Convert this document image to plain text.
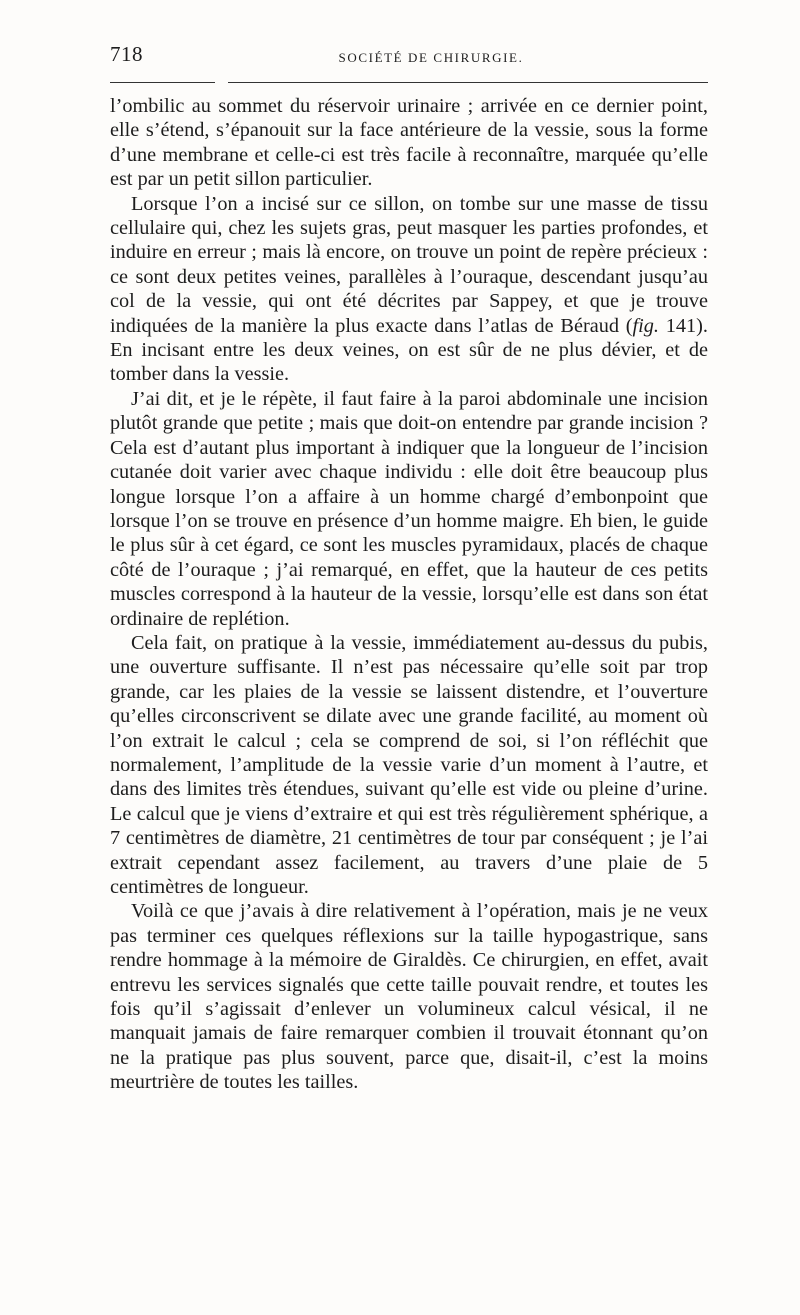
718	SOCIÉTÉ DE CHIRURGIE.

l’ombilic au sommet du réservoir urinaire ; arrivée en ce dernier point, elle s’étend, s’épanouit sur la face antérieure de la vessie, sous la forme d’une membrane et celle-ci est très facile à reconnaître, marquée qu’elle est par un petit sillon particulier.

Lorsque l’on a incisé sur ce sillon, on tombe sur une masse de tissu cellulaire qui, chez les sujets gras, peut masquer les parties profondes, et induire en erreur ; mais là encore, on trouve un point de repère précieux : ce sont deux petites veines, parallèles à l’ouraque, descendant jusqu’au col de la vessie, qui ont été décrites par Sappey, et que je trouve indiquées de la manière la plus exacte dans l’atlas de Béraud (fig. 141). En incisant entre les deux veines, on est sûr de ne plus dévier, et de tomber dans la vessie.

J’ai dit, et je le répète, il faut faire à la paroi abdominale une incision plutôt grande que petite ; mais que doit-on entendre par grande incision ? Cela est d’autant plus important à indiquer que la longueur de l’incision cutanée doit varier avec chaque individu : elle doit être beaucoup plus longue lorsque l’on a affaire à un homme chargé d’embonpoint que lorsque l’on se trouve en présence d’un homme maigre. Eh bien, le guide le plus sûr à cet égard, ce sont les muscles pyramidaux, placés de chaque côté de l’ouraque ; j’ai remarqué, en effet, que la hauteur de ces petits muscles correspond à la hauteur de la vessie, lorsqu’elle est dans son état ordinaire de replétion.

Cela fait, on pratique à la vessie, immédiatement au-dessus du pubis, une ouverture suffisante. Il n’est pas nécessaire qu’elle soit par trop grande, car les plaies de la vessie se laissent distendre, et l’ouverture qu’elles circonscrivent se dilate avec une grande facilité, au moment où l’on extrait le calcul ; cela se comprend de soi, si l’on réfléchit que normalement, l’amplitude de la vessie varie d’un moment à l’autre, et dans des limites très étendues, suivant qu’elle est vide ou pleine d’urine. Le calcul que je viens d’extraire et qui est très régulièrement sphérique, a 7 centimètres de diamètre, 21 centimètres de tour par conséquent ; je l’ai extrait cependant assez facilement, au travers d’une plaie de 5 centimètres de longueur.

Voilà ce que j’avais à dire relativement à l’opération, mais je ne veux pas terminer ces quelques réflexions sur la taille hypogastrique, sans rendre hommage à la mémoire de Giraldès. Ce chirurgien, en effet, avait entrevu les services signalés que cette taille pouvait rendre, et toutes les fois qu’il s’agissait d’enlever un volumineux calcul vésical, il ne manquait jamais de faire remarquer combien il trouvait étonnant qu’on ne la pratique pas plus souvent, parce que, disait-il, c’est la moins meurtrière de toutes les tailles.
